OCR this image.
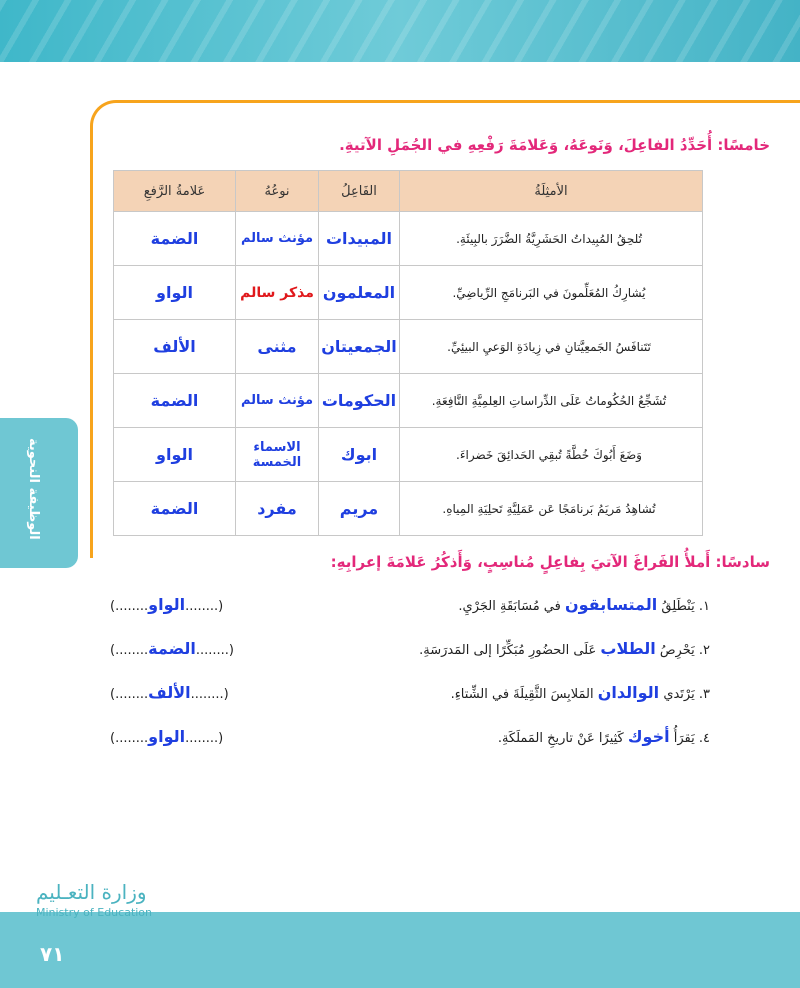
الوظيفة النحوية
خامسًا: أُحَدِّدُ الفاعِلَ، وَنَوعَهُ، وَعَلامَةَ رَفْعِهِ في الجُمَلِ الآتيةِ.
الأمثِلَةُ	الفَاعِلُ	نوعُهُ	عَلامةُ الرَّفعِ
تُلحِقُ المُبِيداتُ الحَشَرِيَّةُ الضَّرَرَ بالبِيئَةِ.	المبيدات	مؤنث سالم	الضمة
يُشارِكُ المُعَلِّمونَ في البَرنامَجِ الرِّياضِيِّ.	المعلمون	مذكر سالم	الواو
تَتَنافَسُ الجَمعِيَّتانِ في زِيادَةِ الوَعيِ البيئِيِّ.	الجمعيتان	مثنى	الألف
تُشَجِّعُ الحُكُوماتُ عَلَى الدِّراساتِ العِلمِيَّةِ النَّافِعَةِ.	الحكومات	مؤنث سالم	الضمة
وَضَعَ أَبُوكَ خُطَّةً تُبقِي الحَدائِقَ خَضراءَ.	ابوك	الاسماء الخمسة	الواو
تُشاهِدُ مَريَمُ بَرنامَجًا عَن عَمَلِيَّةِ تَحلِيَةِ المِياهِ.	مريم	مفرد	الضمة
سادسًا: أَملأُ الفَراغَ الآتيَ بِفاعِلٍ مُناسِبٍ، وَأَذكُرُ عَلامَةَ إعرابِهِ:
١. يَنْطَلِقُ المتسابقون في مُسَابَقَةِ الجَرْيِ.
(........الواو........)
٢. يَحْرِصُ الطلاب عَلَى الحضُورِ مُبَكِّرًا إلى المَدرَسَةِ.
(........الضمة........)
٣. يَرْتَدي الوالدان المَلابِسَ الثَّقِيلَةَ في الشِّتاءِ.
(........الألف........)
٤. يَقرَأُ أخوك كَثِيرًا عَنْ تاريخِ المَملَكَةِ.
(........الواو........)
وزارة التعـليم
Ministry of Education
٧١
